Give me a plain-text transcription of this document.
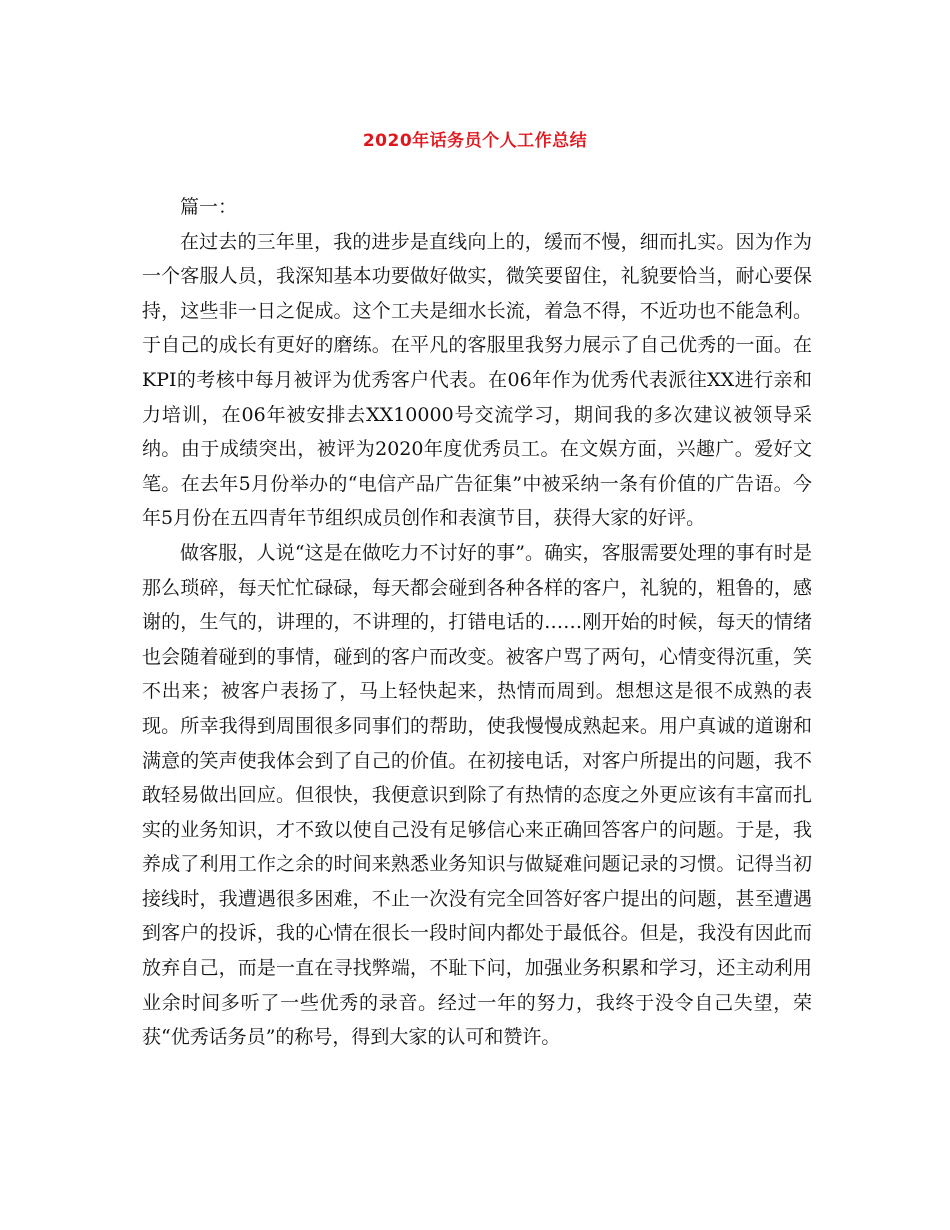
2020年话务员个人工作总结

篇一：

在过去的三年里，我的进步是直线向上的，缓而不慢，细而扎实。因为作为一个客服人员，我深知基本功要做好做实，微笑要留住，礼貌要恰当，耐心要保持，这些非一日之促成。这个工夫是细水长流，着急不得，不近功也不能急利。于自己的成长有更好的磨练。在平凡的客服里我努力展示了自己优秀的一面。在KPI的考核中每月被评为优秀客户代表。在06年作为优秀代表派往XX进行亲和力培训，在06年被安排去XX10000号交流学习，期间我的多次建议被领导采纳。由于成绩突出，被评为2020年度优秀员工。在文娱方面，兴趣广。爱好文笔。在去年5月份举办的“电信产品广告征集”中被采纳一条有价值的广告语。今年5月份在五四青年节组织成员创作和表演节目，获得大家的好评。

做客服，人说“这是在做吃力不讨好的事”。确实，客服需要处理的事有时是那么琐碎，每天忙忙碌碌，每天都会碰到各种各样的客户，礼貌的，粗鲁的，感谢的，生气的，讲理的，不讲理的，打错电话的……刚开始的时候，每天的情绪也会随着碰到的事情，碰到的客户而改变。被客户骂了两句，心情变得沉重，笑不出来；被客户表扬了，马上轻快起来，热情而周到。想想这是很不成熟的表现。所幸我得到周围很多同事们的帮助，使我慢慢成熟起来。用户真诚的道谢和满意的笑声使我体会到了自己的价值。在初接电话，对客户所提出的问题，我不敢轻易做出回应。但很快，我便意识到除了有热情的态度之外更应该有丰富而扎实的业务知识，才不致以使自己没有足够信心来正确回答客户的问题。于是，我养成了利用工作之余的时间来熟悉业务知识与做疑难问题记录的习惯。记得当初接线时，我遭遇很多困难，不止一次没有完全回答好客户提出的问题，甚至遭遇到客户的投诉，我的心情在很长一段时间内都处于最低谷。但是，我没有因此而放弃自己，而是一直在寻找弊端，不耻下问，加强业务积累和学习，还主动利用业余时间多听了一些优秀的录音。经过一年的努力，我终于没令自己失望，荣获“优秀话务员”的称号，得到大家的认可和赞许。
